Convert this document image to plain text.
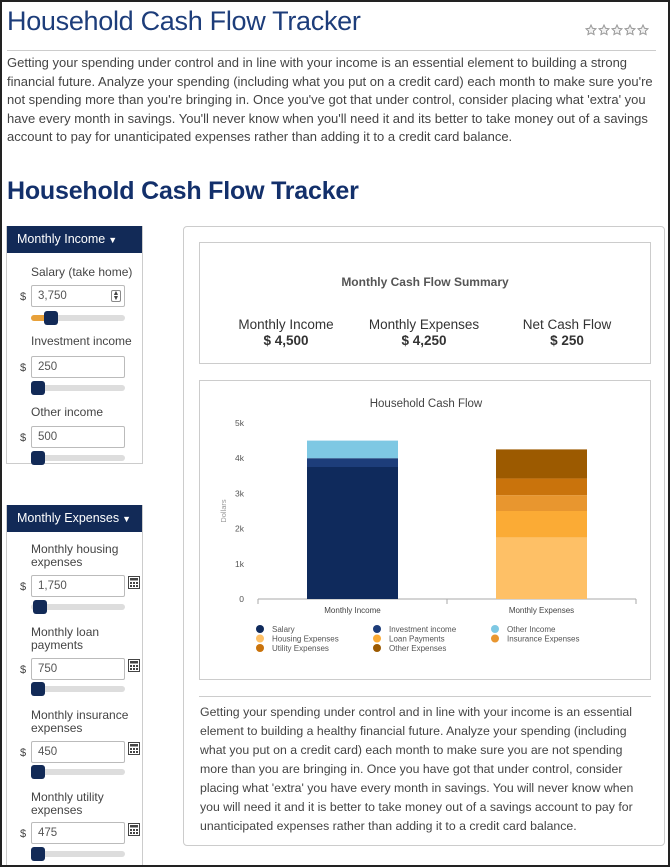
Household Cash Flow Tracker
Getting your spending under control and in line with your income is an essential element to building a strong financial future. Analyze your spending (including what you put on a credit card) each month to make sure you're not spending more than you're bringing in. Once you've got that under control, consider placing what 'extra' you have every month in savings. You'll never know when you'll need it and its better to take money out of a savings account to pay for unanticipated expenses rather than adding it to a credit card balance.
Household Cash Flow Tracker
Monthly Income ▼
Salary (take home)
$	3,750	▲
▼
Investment income
$	250
Other income
$	500
Monthly Expenses ▼
Monthly housing expenses
$	1,750
Monthly loan payments
$	750
Monthly insurance expenses
$	450
Monthly utility expenses
$	475
Monthly Cash Flow Summary
Monthly Income
$ 4,500
Monthly Expenses
$ 4,250
Net Cash Flow
$ 250
Household Cash Flow
Dollars
0
1k
2k
3k
4k
5k
Monthly Income	Monthly Expenses
Salary	Investment income	Other Income
Housing Expenses	Loan Payments	Insurance Expenses
Utility Expenses	Other Expenses
Getting your spending under control and in line with your income is an essential element to building a healthy financial future. Analyze your spending (including what you put on a credit card) each month to make sure you are not spending more than you are bringing in. Once you have got that under control, consider placing what 'extra' you have every month in savings. You will never know when you will need it and it is better to take money out of a savings account to pay for unanticipated expenses rather than adding it to a credit card balance.
